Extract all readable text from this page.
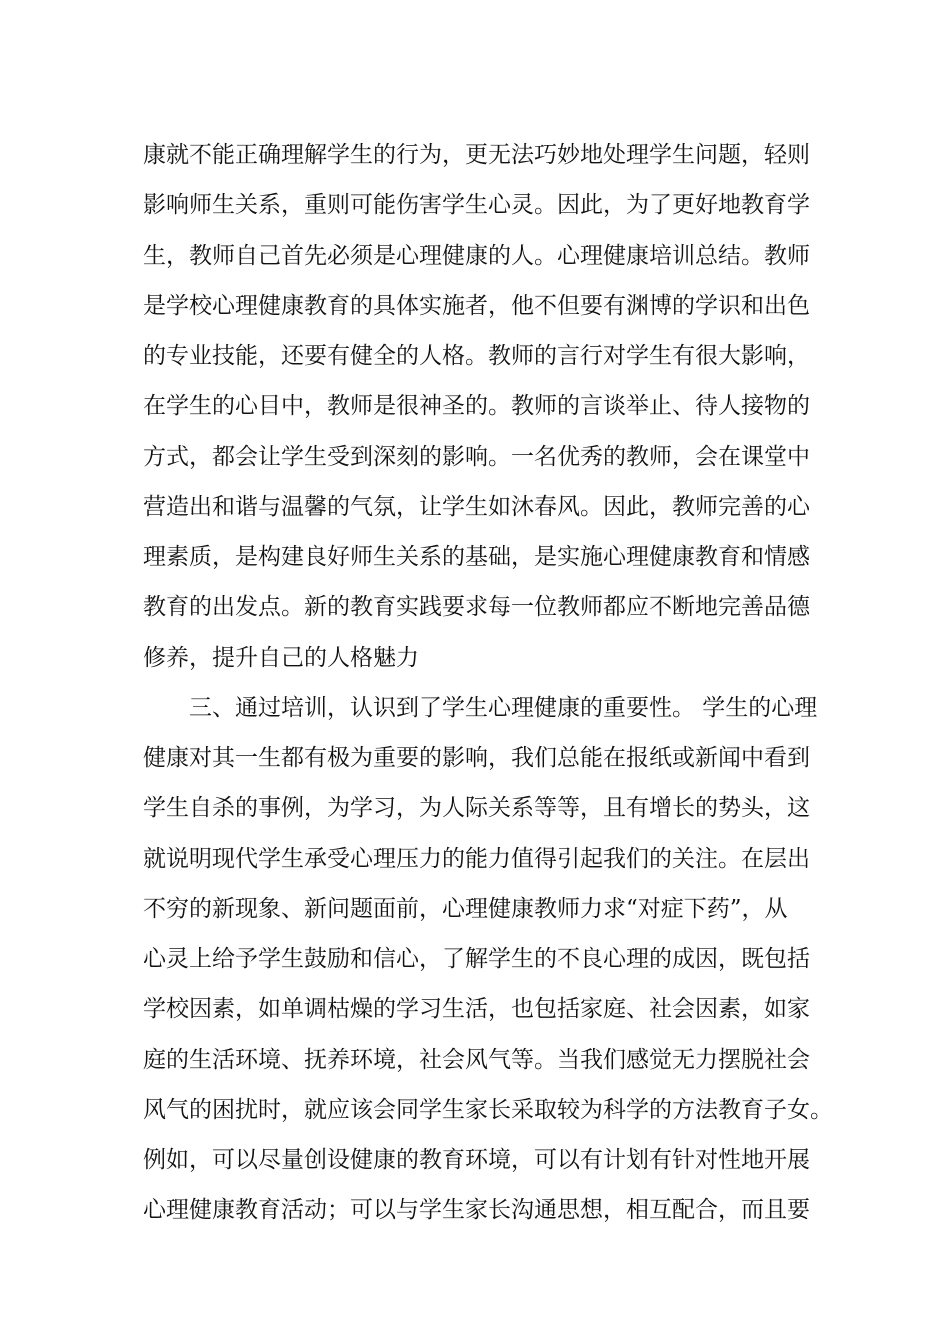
康就不能正确理解学生的行为，更无法巧妙地处理学生问题，轻则
影响师生关系，重则可能伤害学生心灵。因此，为了更好地教育学
生，教师自己首先必须是心理健康的人。心理健康培训总结。教师
是学校心理健康教育的具体实施者，他不但要有渊博的学识和出色
的专业技能，还要有健全的人格。教师的言行对学生有很大影响，
在学生的心目中，教师是很神圣的。教师的言谈举止、待人接物的
方式，都会让学生受到深刻的影响。一名优秀的教师，会在课堂中
营造出和谐与温馨的气氛，让学生如沐春风。因此，教师完善的心
理素质，是构建良好师生关系的基础，是实施心理健康教育和情感
教育的出发点。新的教育实践要求每一位教师都应不断地完善品德
修养，提升自己的人格魅力
三、通过培训，认识到了学生心理健康的重要性。 学生的心理
健康对其一生都有极为重要的影响，我们总能在报纸或新闻中看到
学生自杀的事例，为学习，为人际关系等等，且有增长的势头，这
就说明现代学生承受心理压力的能力值得引起我们的关注。在层出
不穷的新现象、新问题面前，心理健康教师力求“对症下药”，从
心灵上给予学生鼓励和信心，了解学生的不良心理的成因，既包括
学校因素，如单调枯燥的学习生活，也包括家庭、社会因素，如家
庭的生活环境、抚养环境，社会风气等。当我们感觉无力摆脱社会
风气的困扰时，就应该会同学生家长采取较为科学的方法教育子女。
例如，可以尽量创设健康的教育环境，可以有计划有针对性地开展
心理健康教育活动；可以与学生家长沟通思想，相互配合，而且要
